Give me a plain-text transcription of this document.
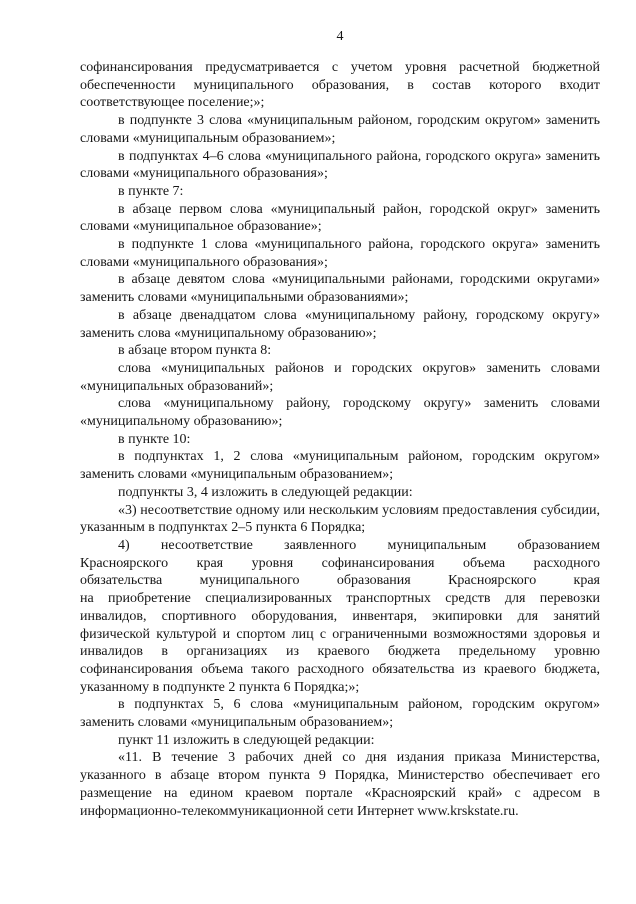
4

софинансирования предусматривается с учетом уровня расчетной бюджетной обеспеченности муниципального образования, в состав которого входит соответствующее поселение;»;

в подпункте 3 слова «муниципальным районом, городским округом» заменить словами «муниципальным образованием»;

в подпунктах 4–6 слова «муниципального района, городского округа» заменить словами «муниципального образования»;

в пункте 7:

в абзаце первом слова «муниципальный район, городской округ» заменить словами «муниципальное образование»;

в подпункте 1 слова «муниципального района, городского округа» заменить словами «муниципального образования»;

в абзаце девятом слова «муниципальными районами, городскими округами» заменить словами «муниципальными образованиями»;

в абзаце двенадцатом слова «муниципальному району, городскому округу» заменить слова «муниципальному образованию»;

в абзаце втором пункта 8:

слова «муниципальных районов и городских округов» заменить словами «муниципальных образований»;

слова «муниципальному району, городскому округу» заменить словами «муниципальному образованию»;

в пункте 10:

в подпунктах 1, 2 слова «муниципальным районом, городским округом» заменить словами «муниципальным образованием»;

подпункты 3, 4 изложить в следующей редакции:

«3) несоответствие одному или нескольким условиям предоставления субсидии, указанным в подпунктах 2–5 пункта 6 Порядка;

4) несоответствие заявленного муниципальным образованием

Красноярского края уровня софинансирования объема расходного

обязательства муниципального образования Красноярского края

на приобретение специализированных транспортных средств для перевозки инвалидов, спортивного оборудования, инвентаря, экипировки для занятий физической культурой и спортом лиц с ограниченными возможностями здоровья и инвалидов в организациях из краевого бюджета предельному уровню софинансирования объема такого расходного обязательства из краевого бюджета, указанному в подпункте 2 пункта 6 Порядка;»;

в подпунктах 5, 6 слова «муниципальным районом, городским округом» заменить словами «муниципальным образованием»;

пункт 11 изложить в следующей редакции:

«11. В течение 3 рабочих дней со дня издания приказа Министерства, указанного в абзаце втором пункта 9 Порядка, Министерство обеспечивает его размещение на едином краевом портале «Красноярский край» с адресом в информационно-телекоммуникационной сети Интернет www.krskstate.ru.
